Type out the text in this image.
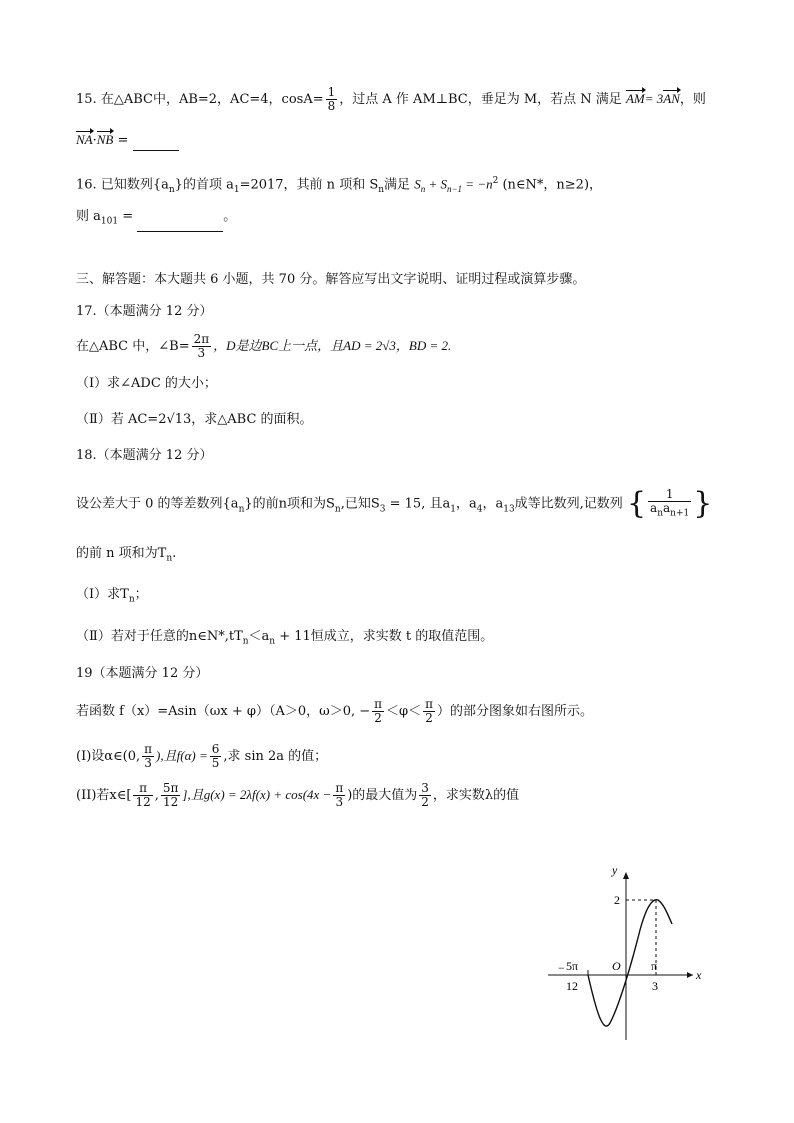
15. 在△ABC中，AB=2，AC=4，$\cos A= \frac{1}{8}$ ，过点 A 作 AM⊥BC，垂足为 M，若点 N 满足 AM= 3AN，则
NA·NB =
16. 已知数列$\{a_n\}$的首项 $a_1=2017$，其前 n 项和 $S_n$满足 $S_n + S_{n-1} = -n^2$ (n∈N*，n≥2)，
则 $a_{101}$ =	。
三、解答题：本大题共 6 小题，共 70 分。解答应写出文字说明、证明过程或演算步骤。
17.（本题满分 12 分）
在△ABC 中，∠B= $\frac{2\pi}{3}$ ，D是边BC上一点，且AD = 2√3，BD = 2.
（Ⅰ）求∠ADC 的大小；
（Ⅱ）若 AC=2√13，求△ABC 的面积。
18.（本题满分 12 分）
设公差大于 0 的等差数列$\{a_n\}$的前n项和为$S_n$,已知$S_3 = 15$, 且$a_1$，$a_4$，$a_{13}$成等比数列,记数列 { $\frac{1}{a_na_{n+1}}$ }
的前 n 项和为$T_n$.
（Ⅰ）求$T_n$；
（Ⅱ）若对于任意的$n\in N*,tT_n<a_n + 11$恒成立，求实数 t 的取值范围。
19（本题满分 12 分）
若函数 f（x）=Asin（ωx + φ）（A＞0，ω＞0, − $\frac{\pi}{2} <\varphi< \frac{\pi}{2}$ ）的部分图象如右图所示。
(I)设α∈(0, $\frac{\pi}{3}$ ),且$f(\alpha) = \frac{6}{5}$ ,求 sin 2a 的值；
(II)若x∈[ $\frac{\pi}{12}$ , $\frac{5\pi}{12}$ ],且$g(x) = 2\lambda f(x) + \cos(4x - \frac{\pi}{3}$ )的最大值为 $\frac{3}{2}$ ，求实数λ的值
y
x
O
2
− 5π
12
π
3
